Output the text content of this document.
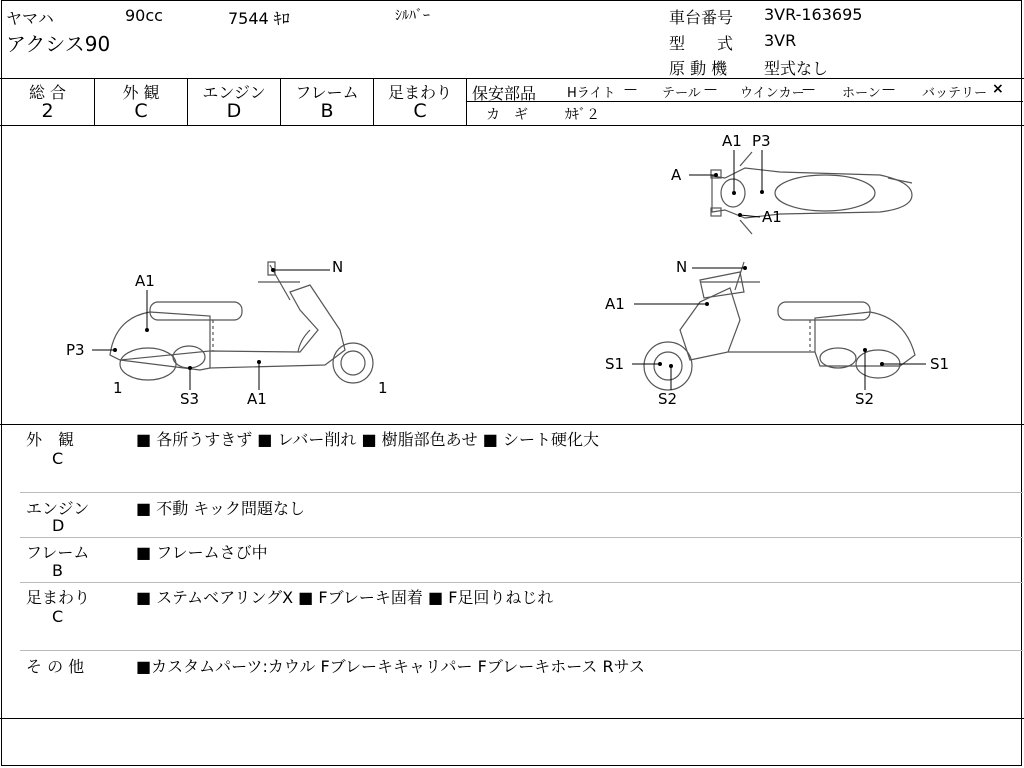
ヤマハ	90cc	7544 ｷﾛ	ｼﾙﾊﾞｰ
アクシス90
車台番号 3VR-163695
型　　式 3VR
原 動 機 型式なし
総 合	外 観	エンジン	フレーム	足まわり
2	C	D	B	C
保安部品 Hライト — テール — ウインカー
— ホーン — バッテリー ×
カ　ギ	ｶｷﾞ２
A
A1 P3
A1
N
A1
P3
1
S3	A1
1
N
A1
S1
S2	S2
S1
外　観
C
■ 各所うすきず ■ レバー削れ ■ 樹脂部色あせ ■ シート硬化大
エンジン
D
■ 不動 キック問題なし
フレーム
B
■ フレームさび中
足まわり
C
■ ステムベアリングX ■ Fブレーキ固着 ■ F足回りねじれ
そ の 他	■カスタムパーツ:カウル Fブレーキキャリパー Fブレーキホース Rサス
